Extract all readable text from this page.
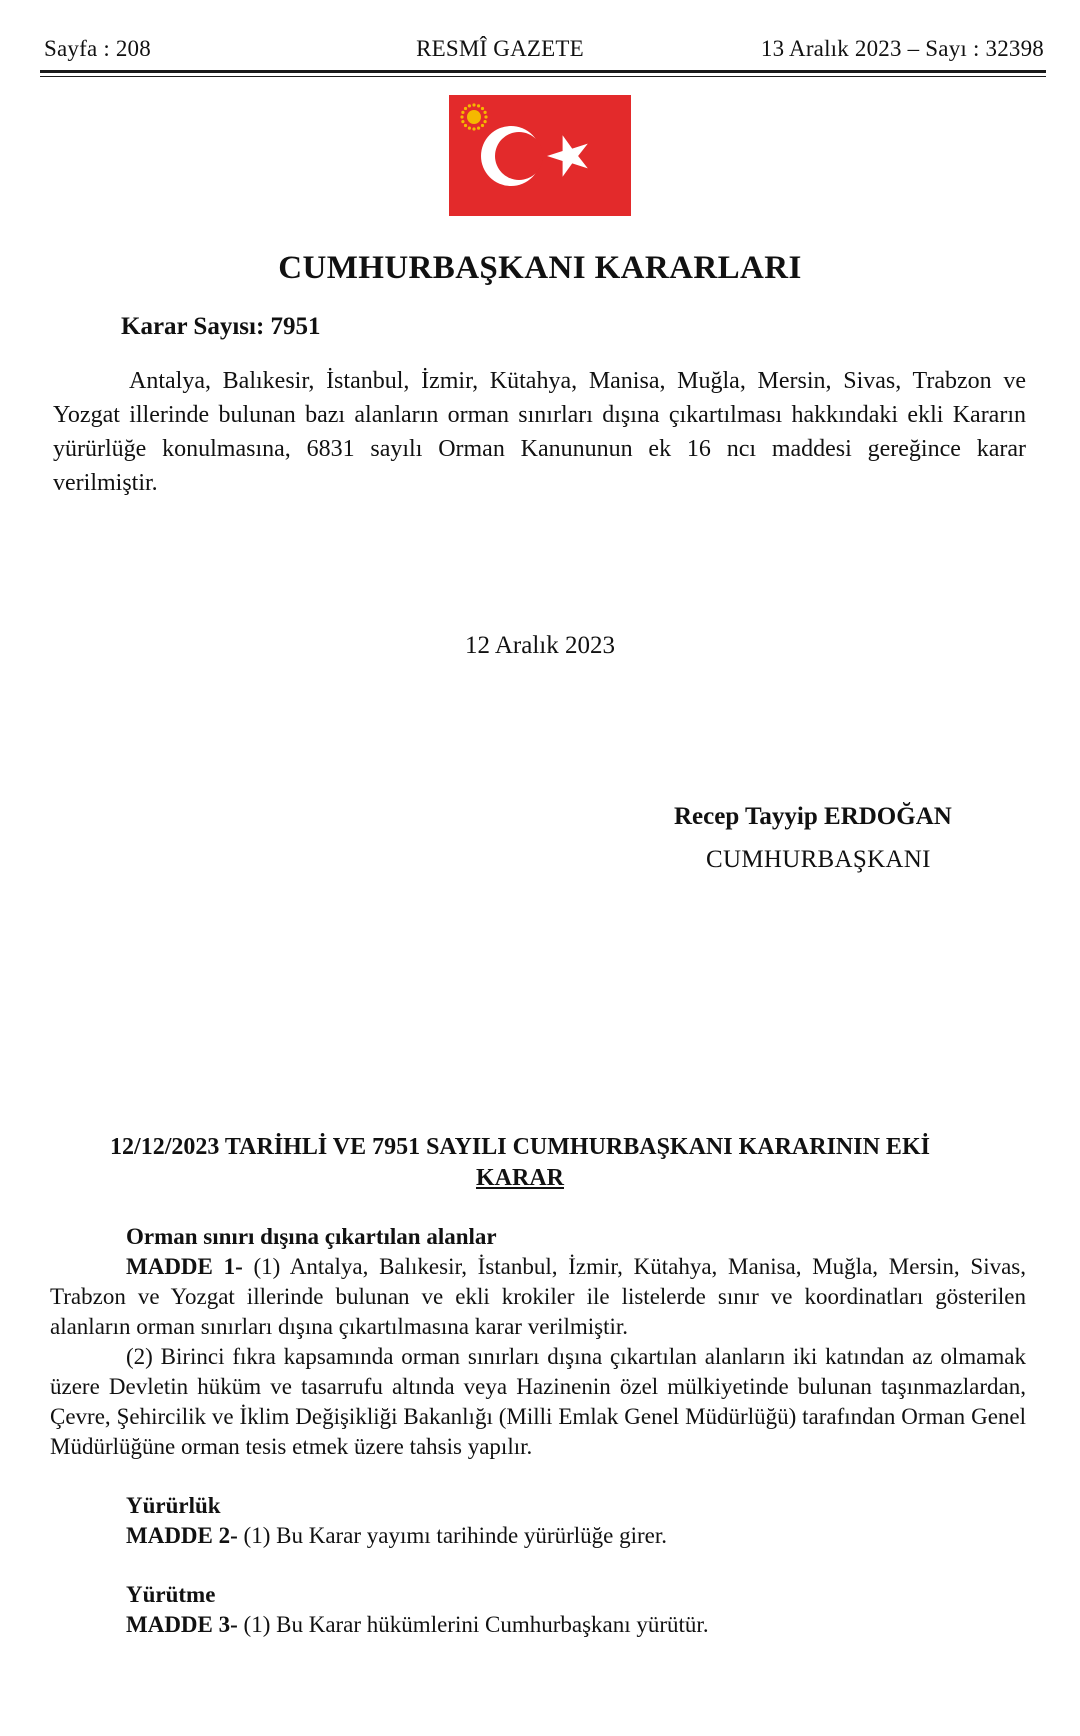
Sayfa : 208	RESMÎ GAZETE	13 Aralık 2023 – Sayı : 32398
CUMHURBAŞKANI KARARLARI
Karar Sayısı: 7951

Antalya, Balıkesir, İstanbul, İzmir, Kütahya, Manisa, Muğla, Mersin, Sivas, Trabzon ve Yozgat illerinde bulunan bazı alanların orman sınırları dışına çıkartılması hakkındaki ekli Kararın yürürlüğe konulmasına, 6831 sayılı Orman Kanununun ek 16 ncı maddesi gereğince karar verilmiştir.

12 Aralık 2023
Recep Tayyip ERDOĞAN
CUMHURBAŞKANI
12/12/2023 TARİHLİ VE 7951 SAYILI CUMHURBAŞKANI KARARININ EKİ
KARAR

Orman sınırı dışına çıkartılan alanlar

MADDE 1- (1) Antalya, Balıkesir, İstanbul, İzmir, Kütahya, Manisa, Muğla, Mersin, Sivas, Trabzon ve Yozgat illerinde bulunan ve ekli krokiler ile listelerde sınır ve koordinatları gösterilen alanların orman sınırları dışına çıkartılmasına karar verilmiştir.

(2) Birinci fıkra kapsamında orman sınırları dışına çıkartılan alanların iki katından az olmamak üzere Devletin hüküm ve tasarrufu altında veya Hazinenin özel mülkiyetinde bulunan taşınmazlardan, Çevre, Şehircilik ve İklim Değişikliği Bakanlığı (Milli Emlak Genel Müdürlüğü) tarafından Orman Genel Müdürlüğüne orman tesis etmek üzere tahsis yapılır.

Yürürlük

MADDE 2- (1) Bu Karar yayımı tarihinde yürürlüğe girer.

Yürütme

MADDE 3- (1) Bu Karar hükümlerini Cumhurbaşkanı yürütür.
